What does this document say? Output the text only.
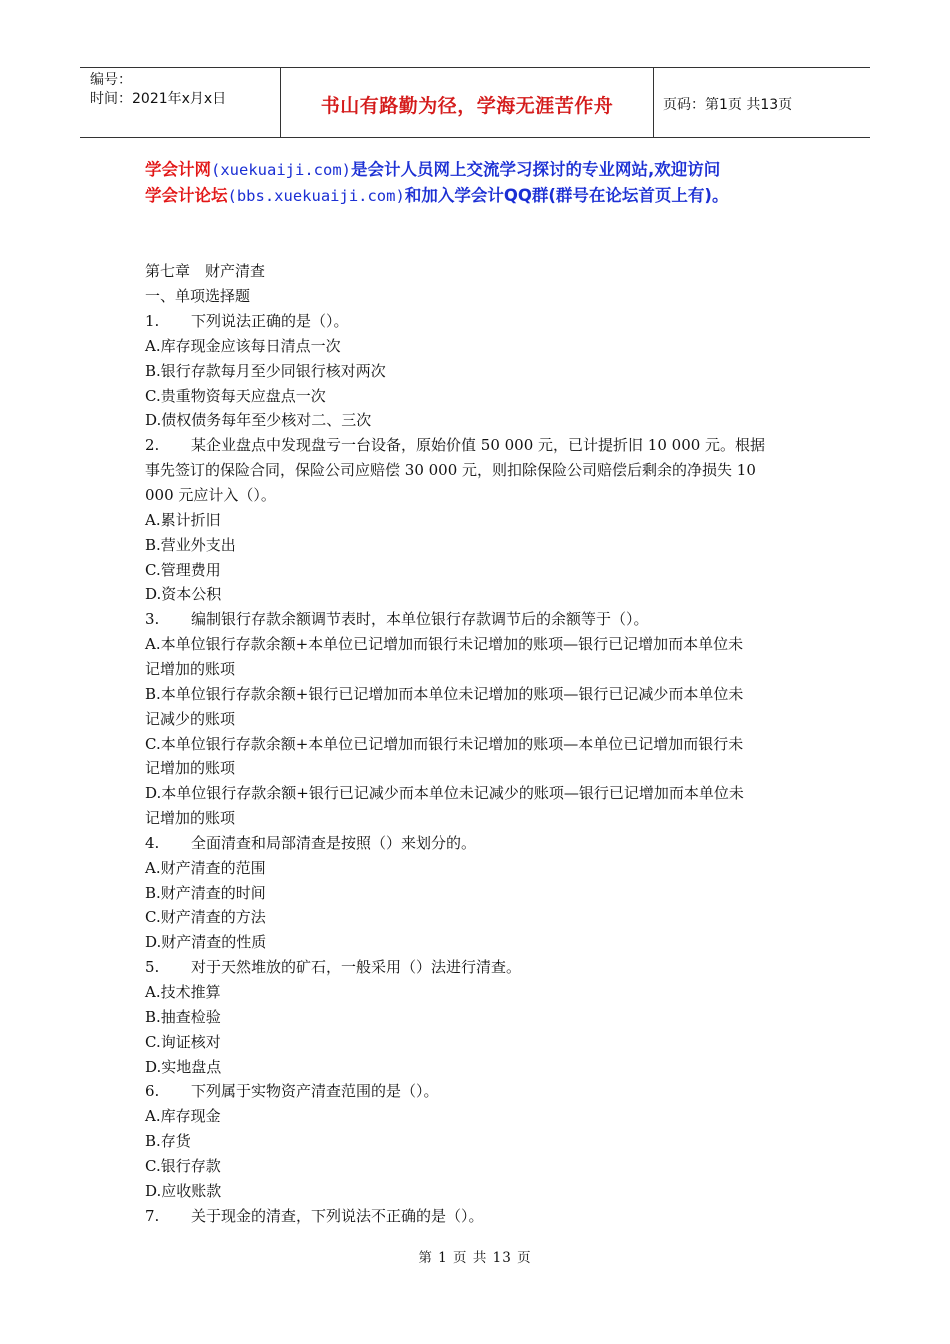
编号：
时间：2021年x月x日	书山有路勤为径，学海无涯苦作舟	页码：第1页 共13页
学会计网(xuekuaiji.com)是会计人员网上交流学习探讨的专业网站,欢迎访问
学会计论坛(bbs.xuekuaiji.com)和加入学会计QQ群(群号在论坛首页上有)。
第七章　财产清查
一、单项选择题
1. 下列说法正确的是（）。
A.库存现金应该每日清点一次
B.银行存款每月至少同银行核对两次
C.贵重物资每天应盘点一次
D.债权债务每年至少核对二、三次
2. 某企业盘点中发现盘亏一台设备，原始价值 50 000 元，已计提折旧 10 000 元。根据
事先签订的保险合同，保险公司应赔偿 30 000 元，则扣除保险公司赔偿后剩余的净损失 10
000 元应计入（）。
A.累计折旧
B.营业外支出
C.管理费用
D.资本公积
3. 编制银行存款余额调节表时，本单位银行存款调节后的余额等于（）。
A.本单位银行存款余额+本单位已记增加而银行未记增加的账项—银行已记增加而本单位未
记增加的账项
B.本单位银行存款余额+银行已记增加而本单位未记增加的账项—银行已记减少而本单位未
记减少的账项
C.本单位银行存款余额+本单位已记增加而银行未记增加的账项—本单位已记增加而银行未
记增加的账项
D.本单位银行存款余额+银行已记减少而本单位未记减少的账项—银行已记增加而本单位未
记增加的账项
4. 全面清查和局部清查是按照（）来划分的。
A.财产清查的范围
B.财产清查的时间
C.财产清查的方法
D.财产清查的性质
5. 对于天然堆放的矿石，一般采用（）法进行清查。
A.技术推算
B.抽查检验
C.询证核对
D.实地盘点
6. 下列属于实物资产清查范围的是（）。
A.库存现金
B.存货
C.银行存款
D.应收账款
7. 关于现金的清查，下列说法不正确的是（）。
第 1 页 共 13 页
